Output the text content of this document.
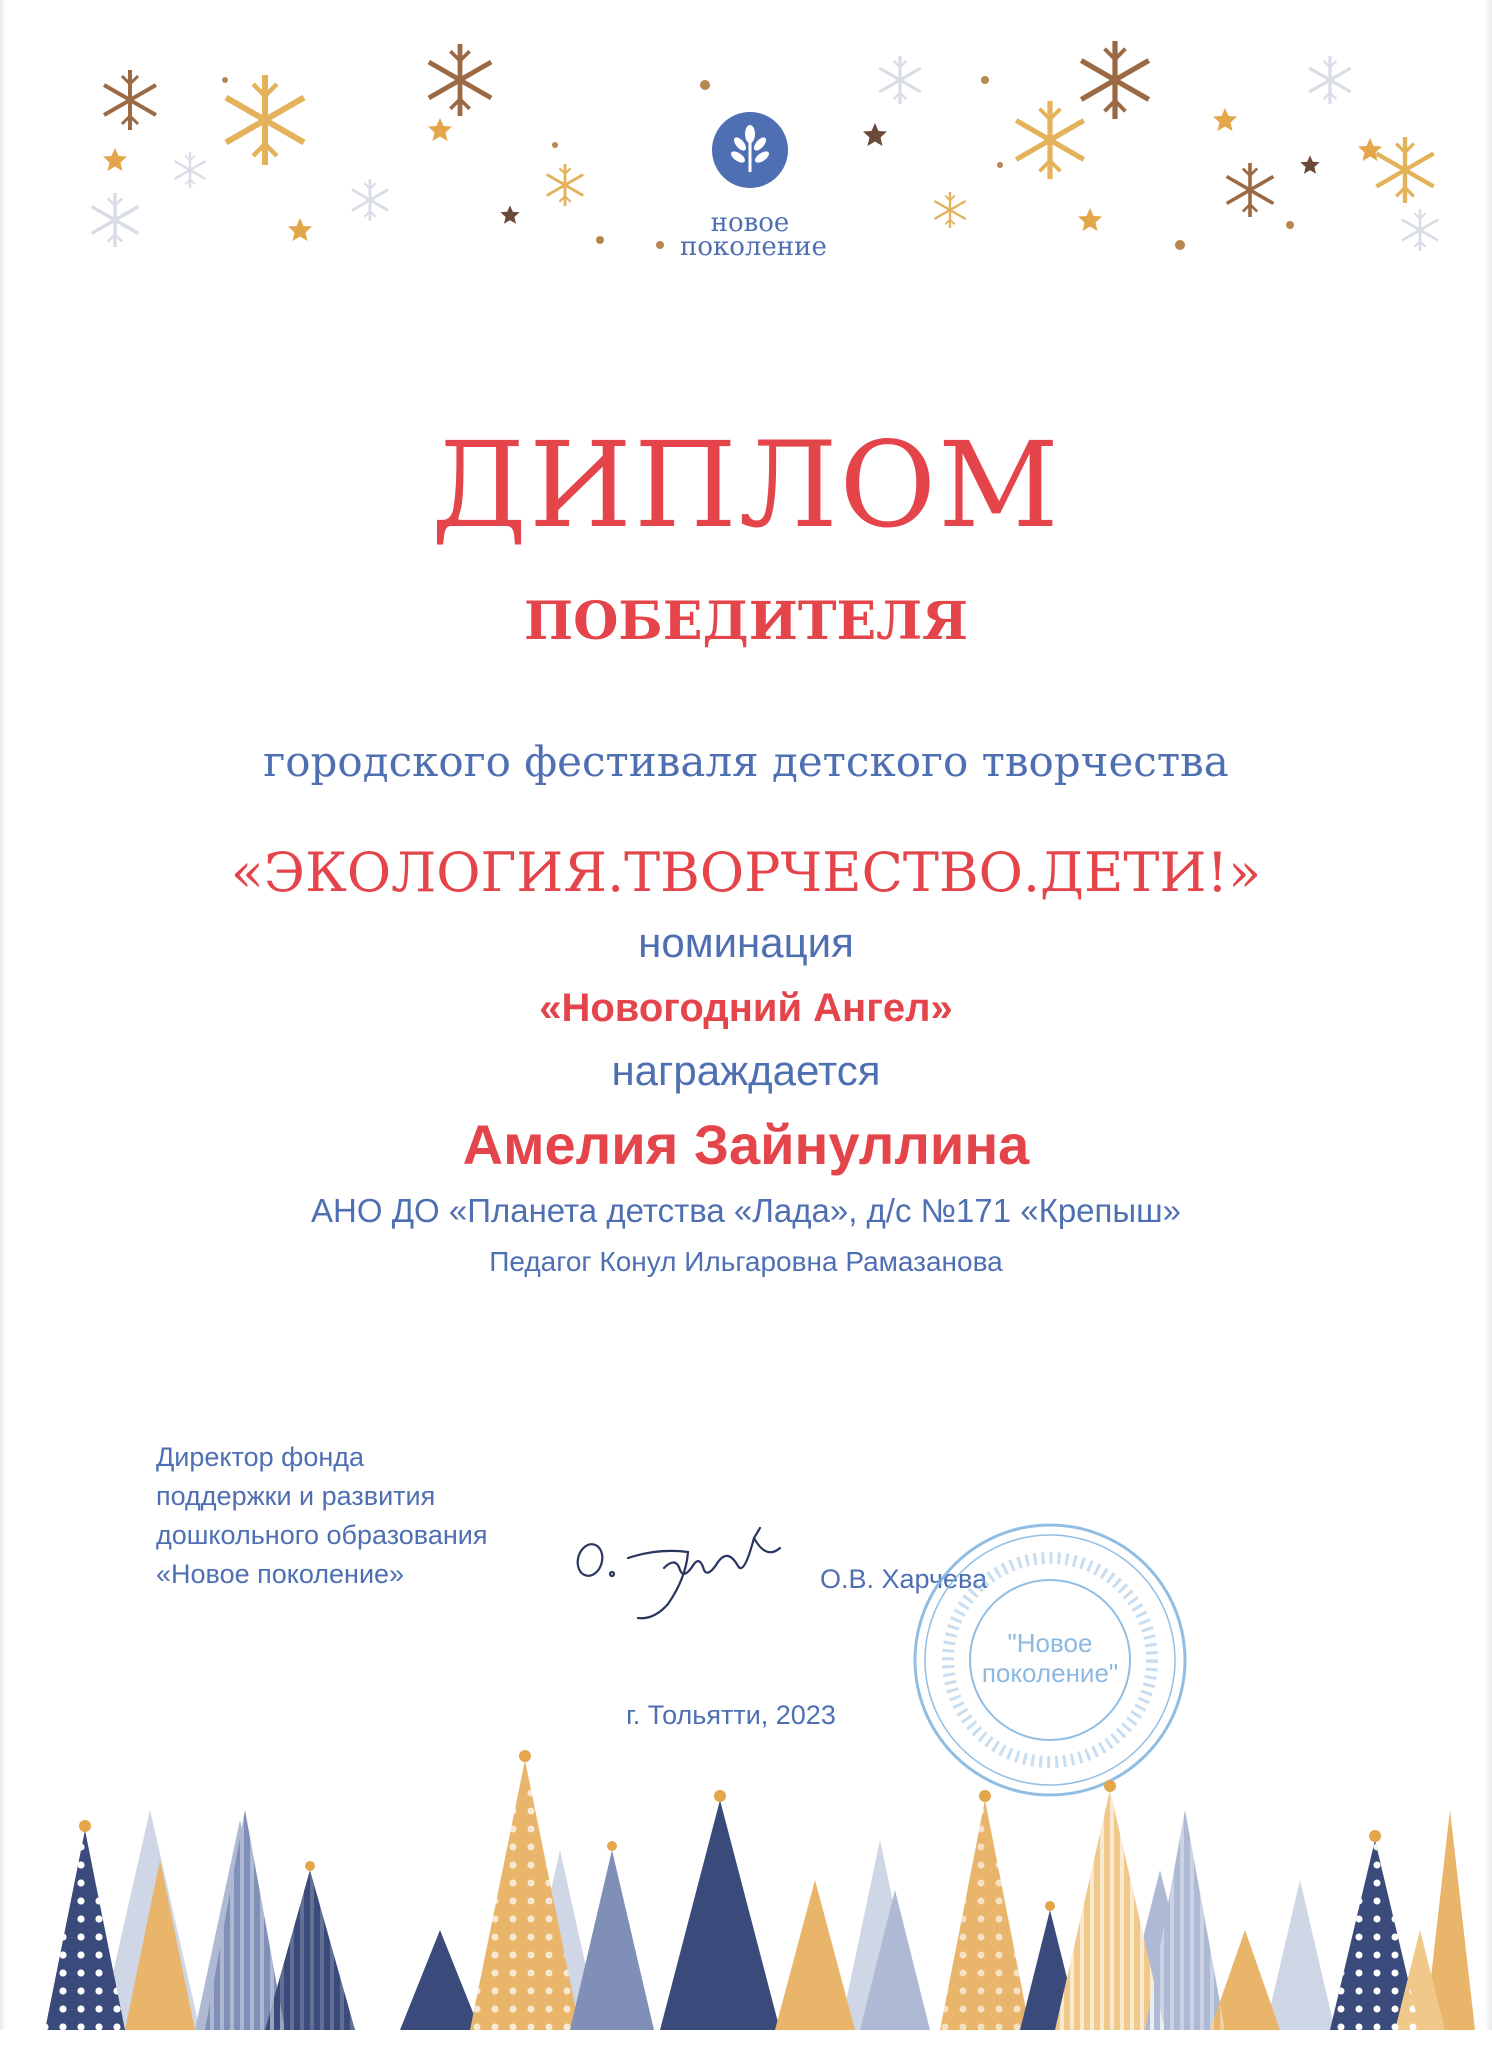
новое
поколение
ДИПЛОМ
ПОБЕДИТЕЛЯ
городского фестиваля детского творчества
«ЭКОЛОГИЯ.ТВОРЧЕСТВО.ДЕТИ!»
номинация
«Новогодний Ангел»
награждается
Амелия Зайнуллина
АНО ДО «Планета детства «Лада», д/с №171 «Крепыш»
Педагог Конул Ильгаровна Рамазанова
Директор фонда
поддержки и развития
дошкольного образования
«Новое поколение»	О.В. Харчева
"Новое
поколение"
г. Тольятти, 2023
